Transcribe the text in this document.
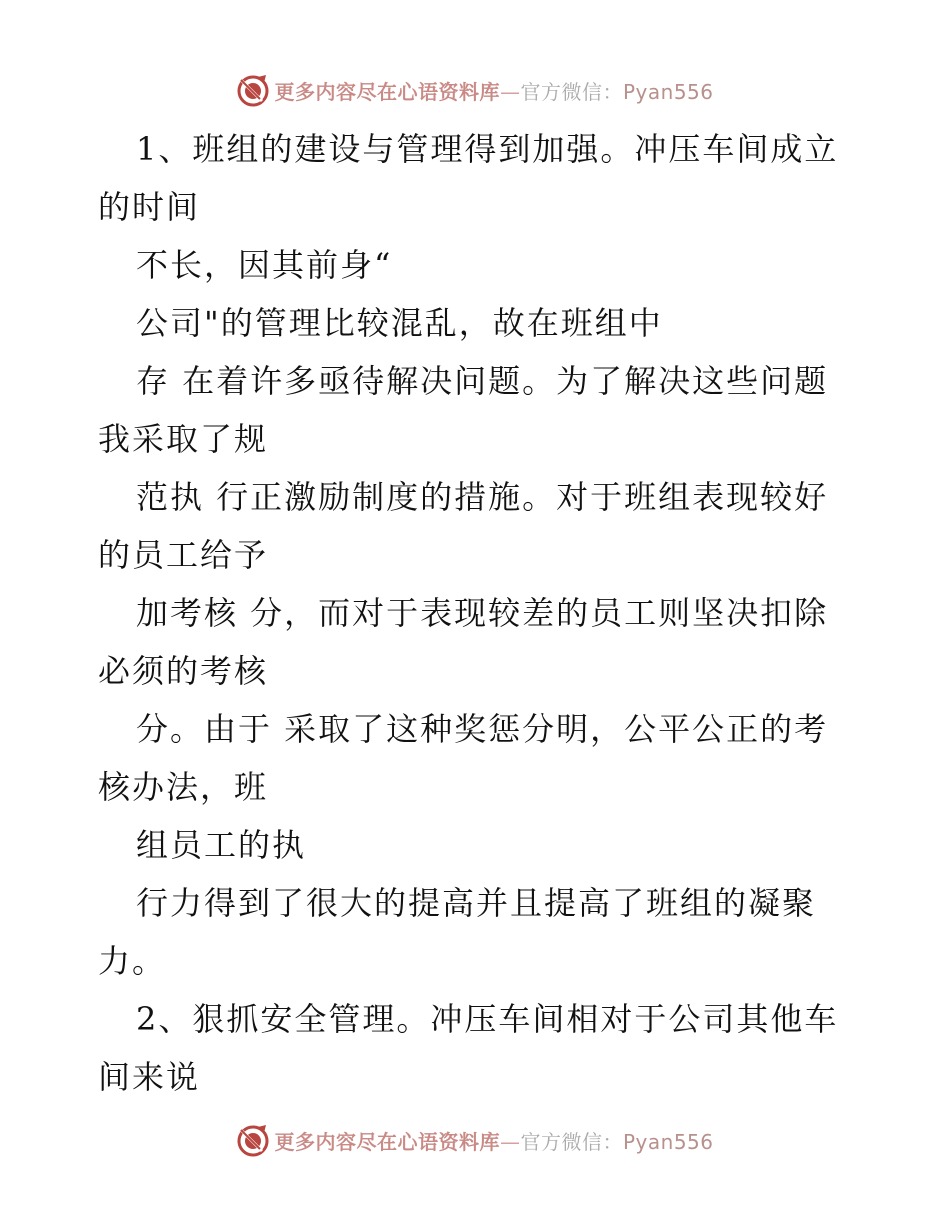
更多内容尽在心语资料库—官方微信：Pyan556
1、班组的建设与管理得到加强。冲压车间成立
的时间
不长，因其前身“
公司"的管理比较混乱，故在班组中
存 在着许多亟待解决问题。为了解决这些问题
我采取了规
范执 行正激励制度的措施。对于班组表现较好
的员工给予
加考核 分，而对于表现较差的员工则坚决扣除
必须的考核
分。由于 采取了这种奖惩分明，公平公正的考
核办法，班
组员工的执
行力得到了很大的提高并且提高了班组的凝聚
力。
2、狠抓安全管理。冲压车间相对于公司其他车
间来说
更多内容尽在心语资料库—官方微信：Pyan556
